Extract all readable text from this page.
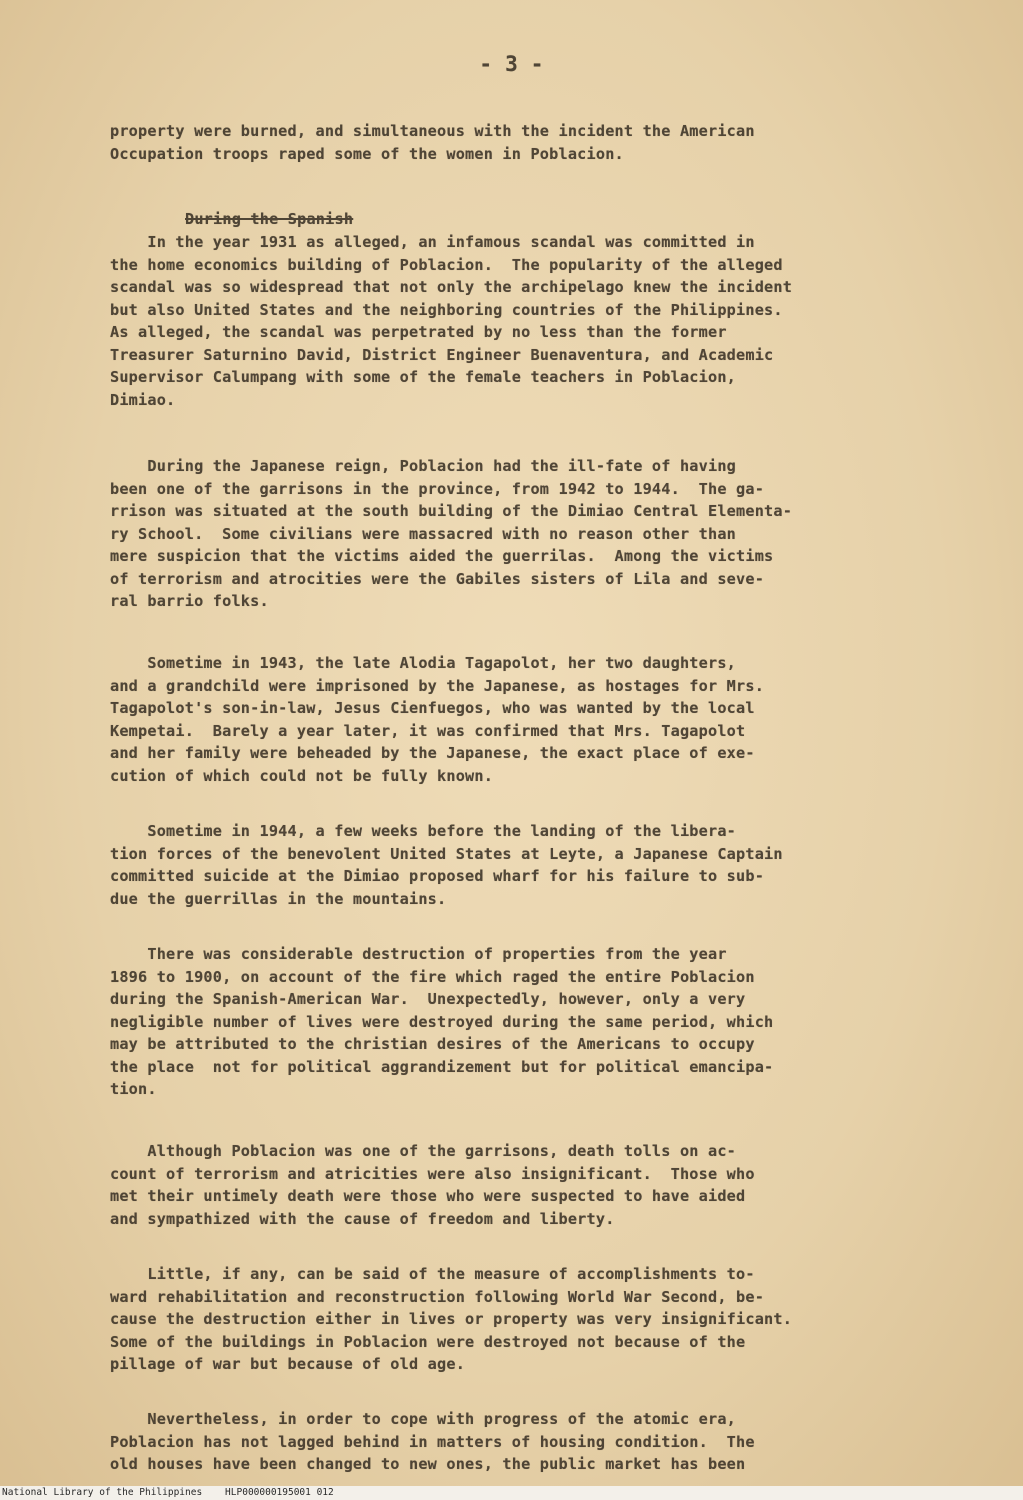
- 3 -

property were burned, and simultaneous with the incident the American
Occupation troops raped some of the women in Poblacion.

During the Spanish

In the year 1931 as alleged, an infamous scandal was committed in
the home economics building of Poblacion.  The popularity of the alleged
scandal was so widespread that not only the archipelago knew the incident
but also United States and the neighboring countries of the Philippines.
As alleged, the scandal was perpetrated by no less than the former
Treasurer Saturnino David, District Engineer Buenaventura, and Academic
Supervisor Calumpang with some of the female teachers in Poblacion,
Dimiao.

During the Japanese reign, Poblacion had the ill-fate of having
been one of the garrisons in the province, from 1942 to 1944.  The ga-
rrison was situated at the south building of the Dimiao Central Elementa-
ry School.  Some civilians were massacred with no reason other than
mere suspicion that the victims aided the guerrilas.  Among the victims
of terrorism and atrocities were the Gabiles sisters of Lila and seve-
ral barrio folks.

Sometime in 1943, the late Alodia Tagapolot, her two daughters,
and a grandchild were imprisoned by the Japanese, as hostages for Mrs.
Tagapolot's son-in-law, Jesus Cienfuegos, who was wanted by the local
Kempetai.  Barely a year later, it was confirmed that Mrs. Tagapolot
and her family were beheaded by the Japanese, the exact place of exe-
cution of which could not be fully known.

Sometime in 1944, a few weeks before the landing of the libera-
tion forces of the benevolent United States at Leyte, a Japanese Captain
committed suicide at the Dimiao proposed wharf for his failure to sub-
due the guerrillas in the mountains.

There was considerable destruction of properties from the year
1896 to 1900, on account of the fire which raged the entire Poblacion
during the Spanish-American War.  Unexpectedly, however, only a very
negligible number of lives were destroyed during the same period, which
may be attributed to the christian desires of the Americans to occupy
the place  not for political aggrandizement but for political emancipa-
tion.

Although Poblacion was one of the garrisons, death tolls on ac-
count of terrorism and atricities were also insignificant.  Those who
met their untimely death were those who were suspected to have aided
and sympathized with the cause of freedom and liberty.

Little, if any, can be said of the measure of accomplishments to-
ward rehabilitation and reconstruction following World War Second, be-
cause the destruction either in lives or property was very insignificant.
Some of the buildings in Poblacion were destroyed not because of the
pillage of war but because of old age.

Nevertheless, in order to cope with progress of the atomic era,
Poblacion has not lagged behind in matters of housing condition.  The
old houses have been changed to new ones, the public market has been

National Library of the Philippines    HLP000000195001 012
